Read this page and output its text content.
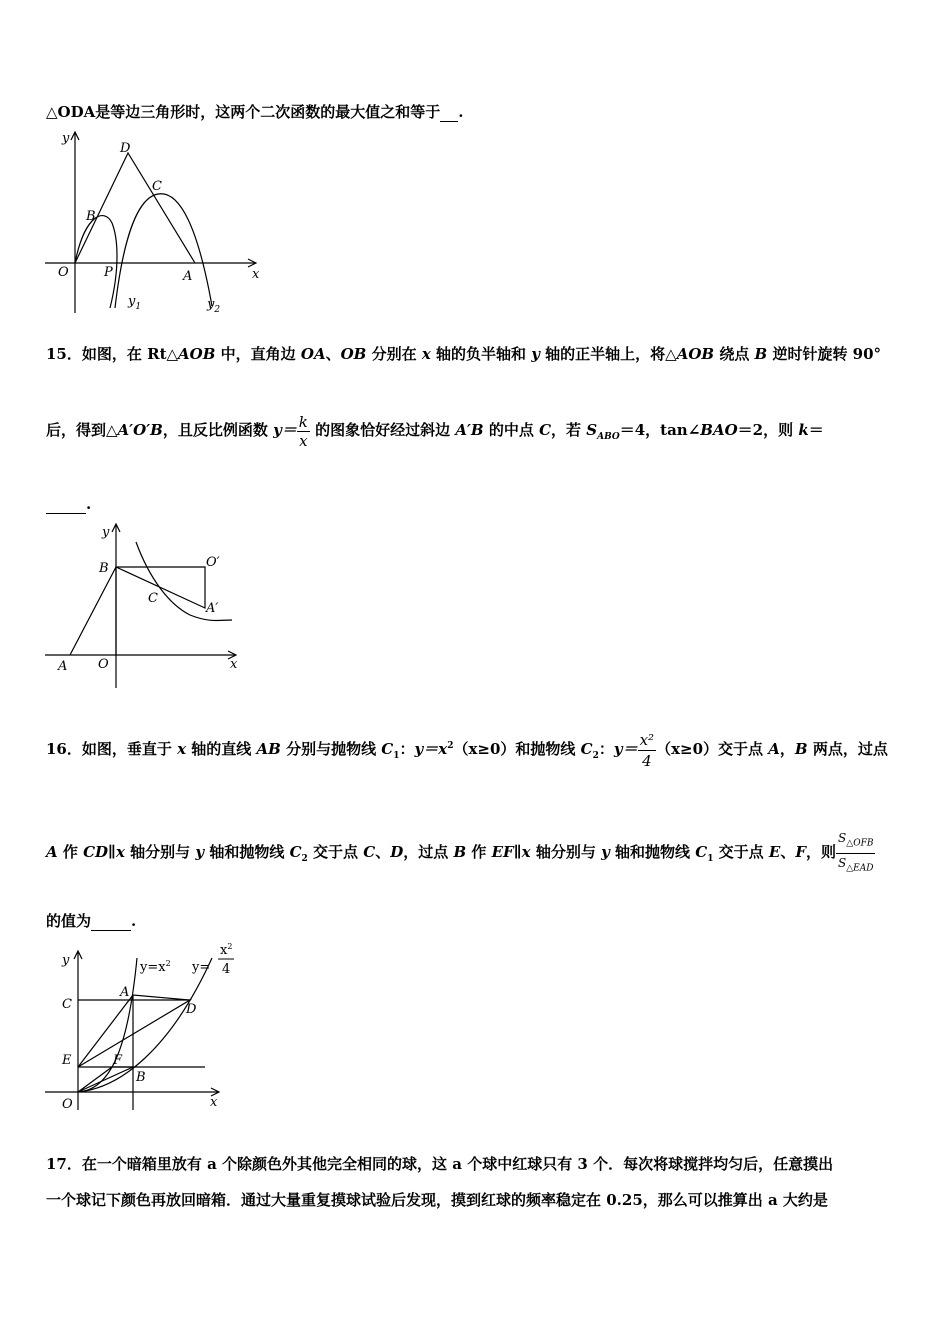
△ODA是等边三角形时，这两个二次函数的最大值之和等于 .
y
x
O	P	A
B
C
D
$y_1$	$y_2$
15．如图，在 Rt△AOB 中，直角边 OA、OB 分别在 x 轴的负半轴和 y 轴的正半轴上，将△AOB 绕点 B 逆时针旋转 90°
后，得到△A′O′B，且反比例函数 $y= \frac{k}{x}$ 的图象恰好经过斜边 A′B 的中点 C，若 $S_{ABO}=4$，tan∠BAO＝2，则 k＝
.
y
x
O
A
B
C
O′
A′
16．如图，垂直于 x 轴的直线 AB 分别与抛物线 $C_1$：$y=x^2(x\ge 0)$和抛物线 $C_2$：$y= \frac{\text{x²}}{4} (x\ge 0)$交于点 A，B 两点，过点
A 作 CD∥x 轴分别与 y 轴和抛物线 $C_2$ 交于点 C、D，过点 B 作 EF∥x 轴分别与 y 轴和抛物线 $C_1$ 交于点 E、F，则 $\frac{S_{\triangle OFB}}{S_{\triangle EAD}}$
的值为	.
y
x
O
C
E
A
D
F
B
$y=x^2$ y=
$x^2$
4
17．在一个暗箱里放有 a 个除颜色外其他完全相同的球，这 a 个球中红球只有 3 个．每次将球搅拌均匀后，任意摸出
一个球记下颜色再放回暗箱．通过大量重复摸球试验后发现，摸到红球的频率稳定在 0.25，那么可以推算出 a 大约是
